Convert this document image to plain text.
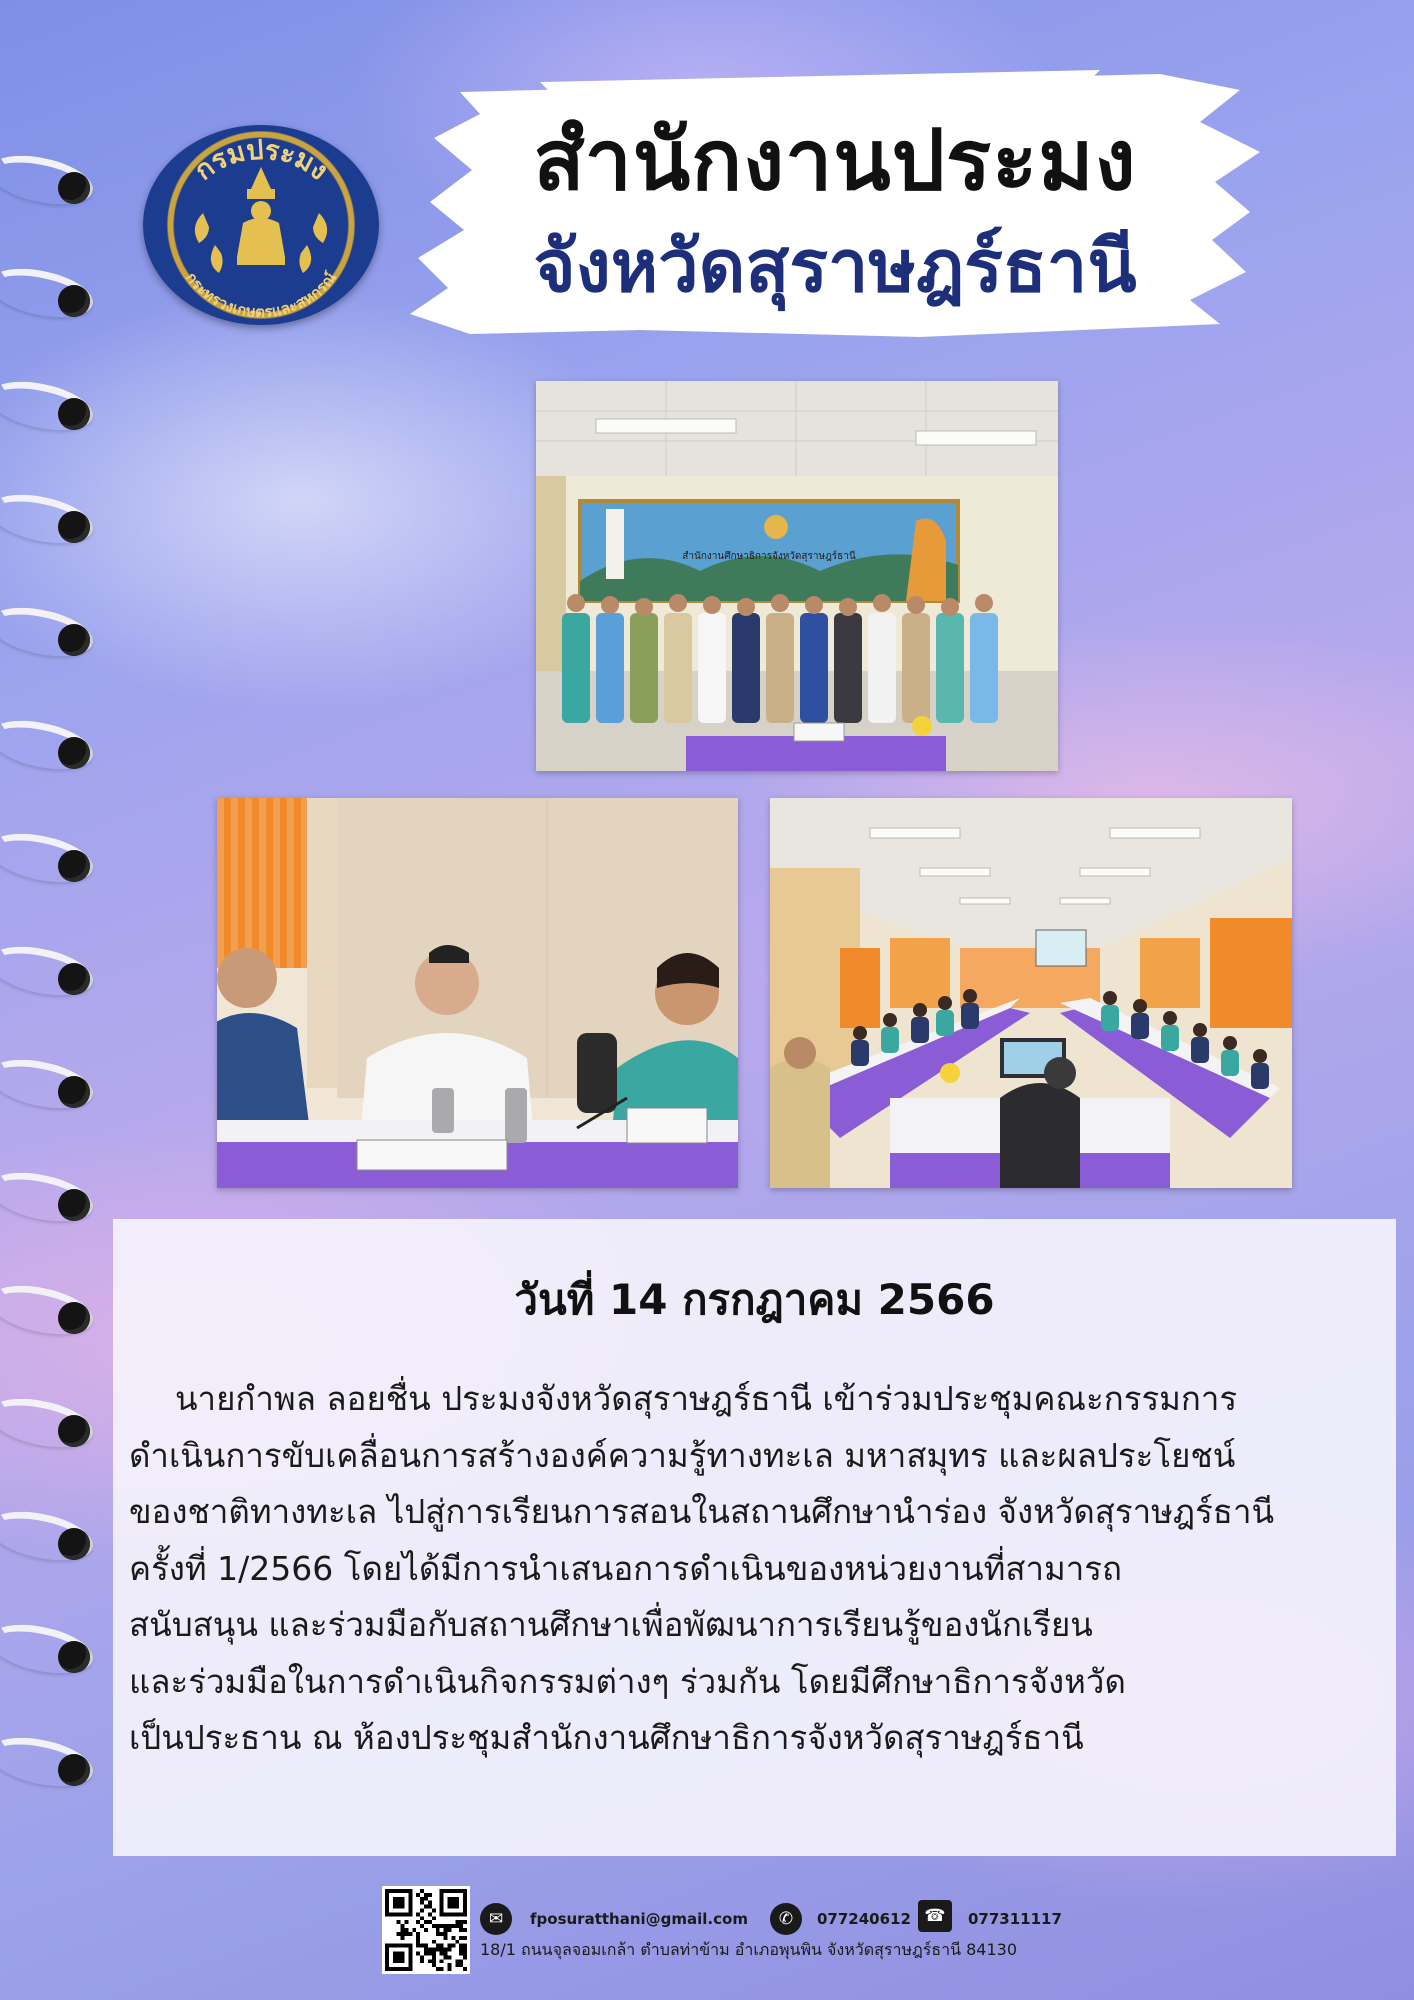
กรมประมง
กระทรวงเกษตรและสหกรณ์
สำนักงานประมง
จังหวัดสุราษฎร์ธานี
สำนักงานศึกษาธิการจังหวัดสุราษฎร์ธานี
วันที่ 14 กรกฎาคม 2566
นายกำพล ลอยชื่น ประมงจังหวัดสุราษฎร์ธานี เข้าร่วมประชุมคณะกรรมการ
ดำเนินการขับเคลื่อนการสร้างองค์ความรู้ทางทะเล มหาสมุทร และผลประโยชน์
ของชาติทางทะเล ไปสู่การเรียนการสอนในสถานศึกษานำร่อง จังหวัดสุราษฎร์ธานี
ครั้งที่ 1/2566 โดยได้มีการนำเสนอการดำเนินของหน่วยงานที่สามารถ
สนับสนุน และร่วมมือกับสถานศึกษาเพื่อพัฒนาการเรียนรู้ของนักเรียน
และร่วมมือในการดำเนินกิจกรรมต่างๆ ร่วมกัน โดยมีศึกษาธิการจังหวัด
เป็นประธาน ณ ห้องประชุมสำนักงานศึกษาธิการจังหวัดสุราษฎร์ธานี
✉	fposuratthani@gmail.com	✆	077240612 ☎	077311117
18/1 ถนนจุลจอมเกล้า ตำบลท่าข้าม อำเภอพุนพิน จังหวัดสุราษฎร์ธานี 84130
